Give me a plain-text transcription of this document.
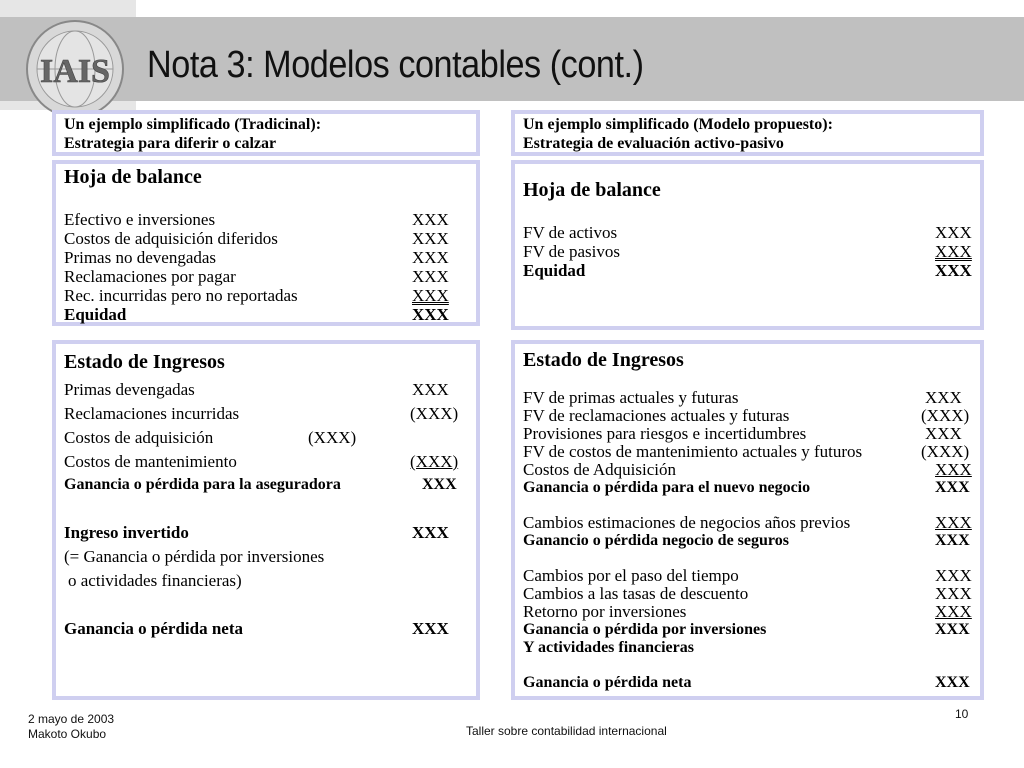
IAIS Nota 3: Modelos contables (cont.)
Un ejemplo simplificado (Tradicinal):
Estrategia para diferir o calzar
Un ejemplo simplificado (Modelo propuesto):
Estrategia de evaluación activo-pasivo
Hoja de balance
Efectivo e inversiones	XXX
Costos de adquisición diferidos	XXX
Primas no devengadas	XXX
Reclamaciones por pagar	XXX
Rec. incurridas pero no reportadas	XXX
Equidad	$\overline{XXX}$
Hoja de balance
FV de activos	XXX
FV de pasivos	XXX
Equidad	$\overline{XXX}$
Estado de Ingresos
Primas devengadas	XXX
Reclamaciones incurridas	(XXX)
Costos de adquisición	(XXX)
Costos de mantenimiento	(XXX)
Ganancia o pérdida para la aseguradora	XXX
Ingreso invertido	XXX
(= Ganancia o pérdida por inversiones
o actividades financieras)
Ganancia o pérdida neta	XXX
Estado de Ingresos
FV de primas actuales y futuras	XXX
FV de reclamaciones actuales y futuras	(XXX)
Provisiones para riesgos e incertidumbres	XXX
FV de costos de mantenimiento actuales y futuros	(XXX)
Costos de Adquisición	XXX
Ganancia o pérdida para el nuevo negocio	XXX
Cambios estimaciones de negocios años previos	XXX
Ganancio o pérdida negocio de seguros	XXX
Cambios por el paso del tiempo	XXX
Cambios a las tasas de descuento	XXX
Retorno por inversiones	XXX
Ganancia o pérdida por inversiones	XXX
Y actividades financieras
Ganancia o pérdida neta	XXX
2 mayo de 2003
Makoto Okubo	Taller sobre contabilidad internacional
10
